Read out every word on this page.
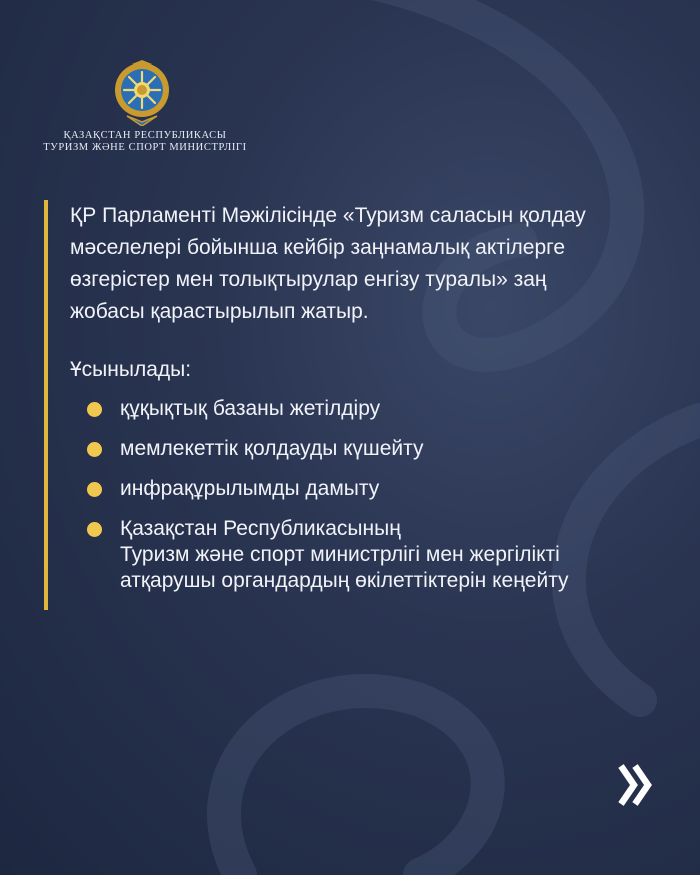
ҚАЗАҚСТАН РЕСПУБЛИКАСЫ
ТУРИЗМ ЖӘНЕ СПОРТ МИНИСТРЛІГІ

ҚР Парламенті Мәжілісінде «Туризм саласын қолдау
мәселелері бойынша кейбір заңнамалық актілерге
өзгерістер мен толықтырулар енгізу туралы» заң
жобасы қарастырылып жатыр.

Ұсынылады:
құқықтық базаны жетілдіру
мемлекеттік қолдауды күшейту
инфрақұрылымды дамыту
Қазақстан Республикасының
Туризм және спорт министрлігі мен жергілікті
атқарушы органдардың өкілеттіктерін кеңейту
